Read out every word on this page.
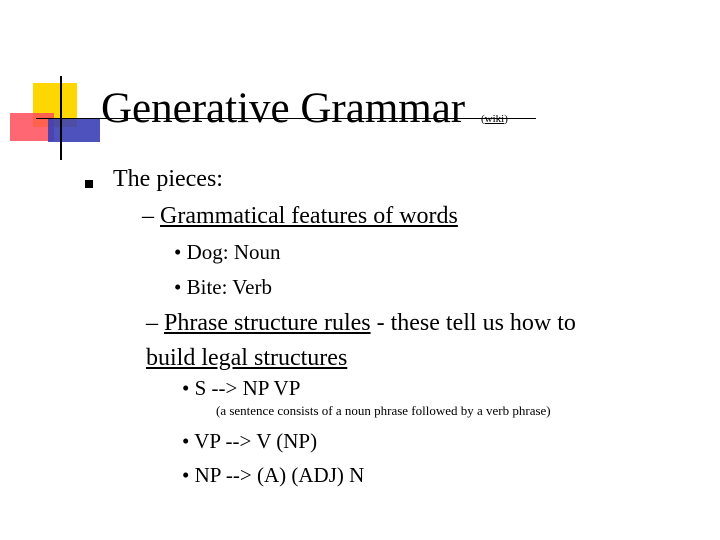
Generative Grammar (wiki)
The pieces:
– Grammatical features of words
• Dog: Noun
• Bite: Verb
– Phrase structure rules - these tell us how to
build legal structures
• S --> NP VP
(a sentence consists of a noun phrase followed by a verb phrase)
• VP --> V (NP)
• NP --> (A) (ADJ) N
